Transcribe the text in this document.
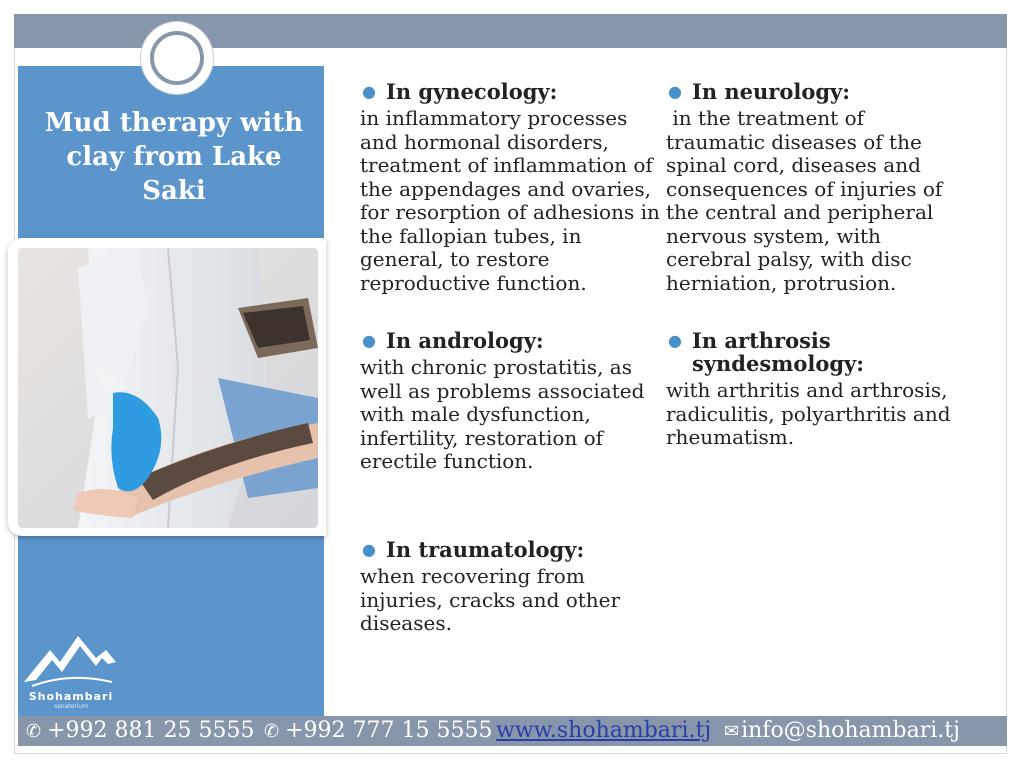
Mud therapy with clay from Lake Saki
Shohambari
sanatorium
● In gynecology:
in inflammatory processes and hormonal disorders, treatment of inflammation of the appendages and ovaries, for resorption of adhesions in the fallopian tubes, in general, to restore reproductive function.
● In neurology:
in the treatment of traumatic diseases of the spinal cord, diseases and consequences of injuries of the central and peripheral nervous system, with cerebral palsy, with disc herniation, protrusion.
● In andrology:
with chronic prostatitis, as well as problems associated with male dysfunction, infertility, restoration of erectile function.
● In arthrosis syndesmology:
with arthritis and arthrosis, radiculitis, polyarthritis and rheumatism.
● In traumatology:
when recovering from injuries, cracks and other diseases.
✆ +992 881 25 5555 ✆ +992 777 15 5555 www.shohambari.tj ✉info@shohambari.tj
